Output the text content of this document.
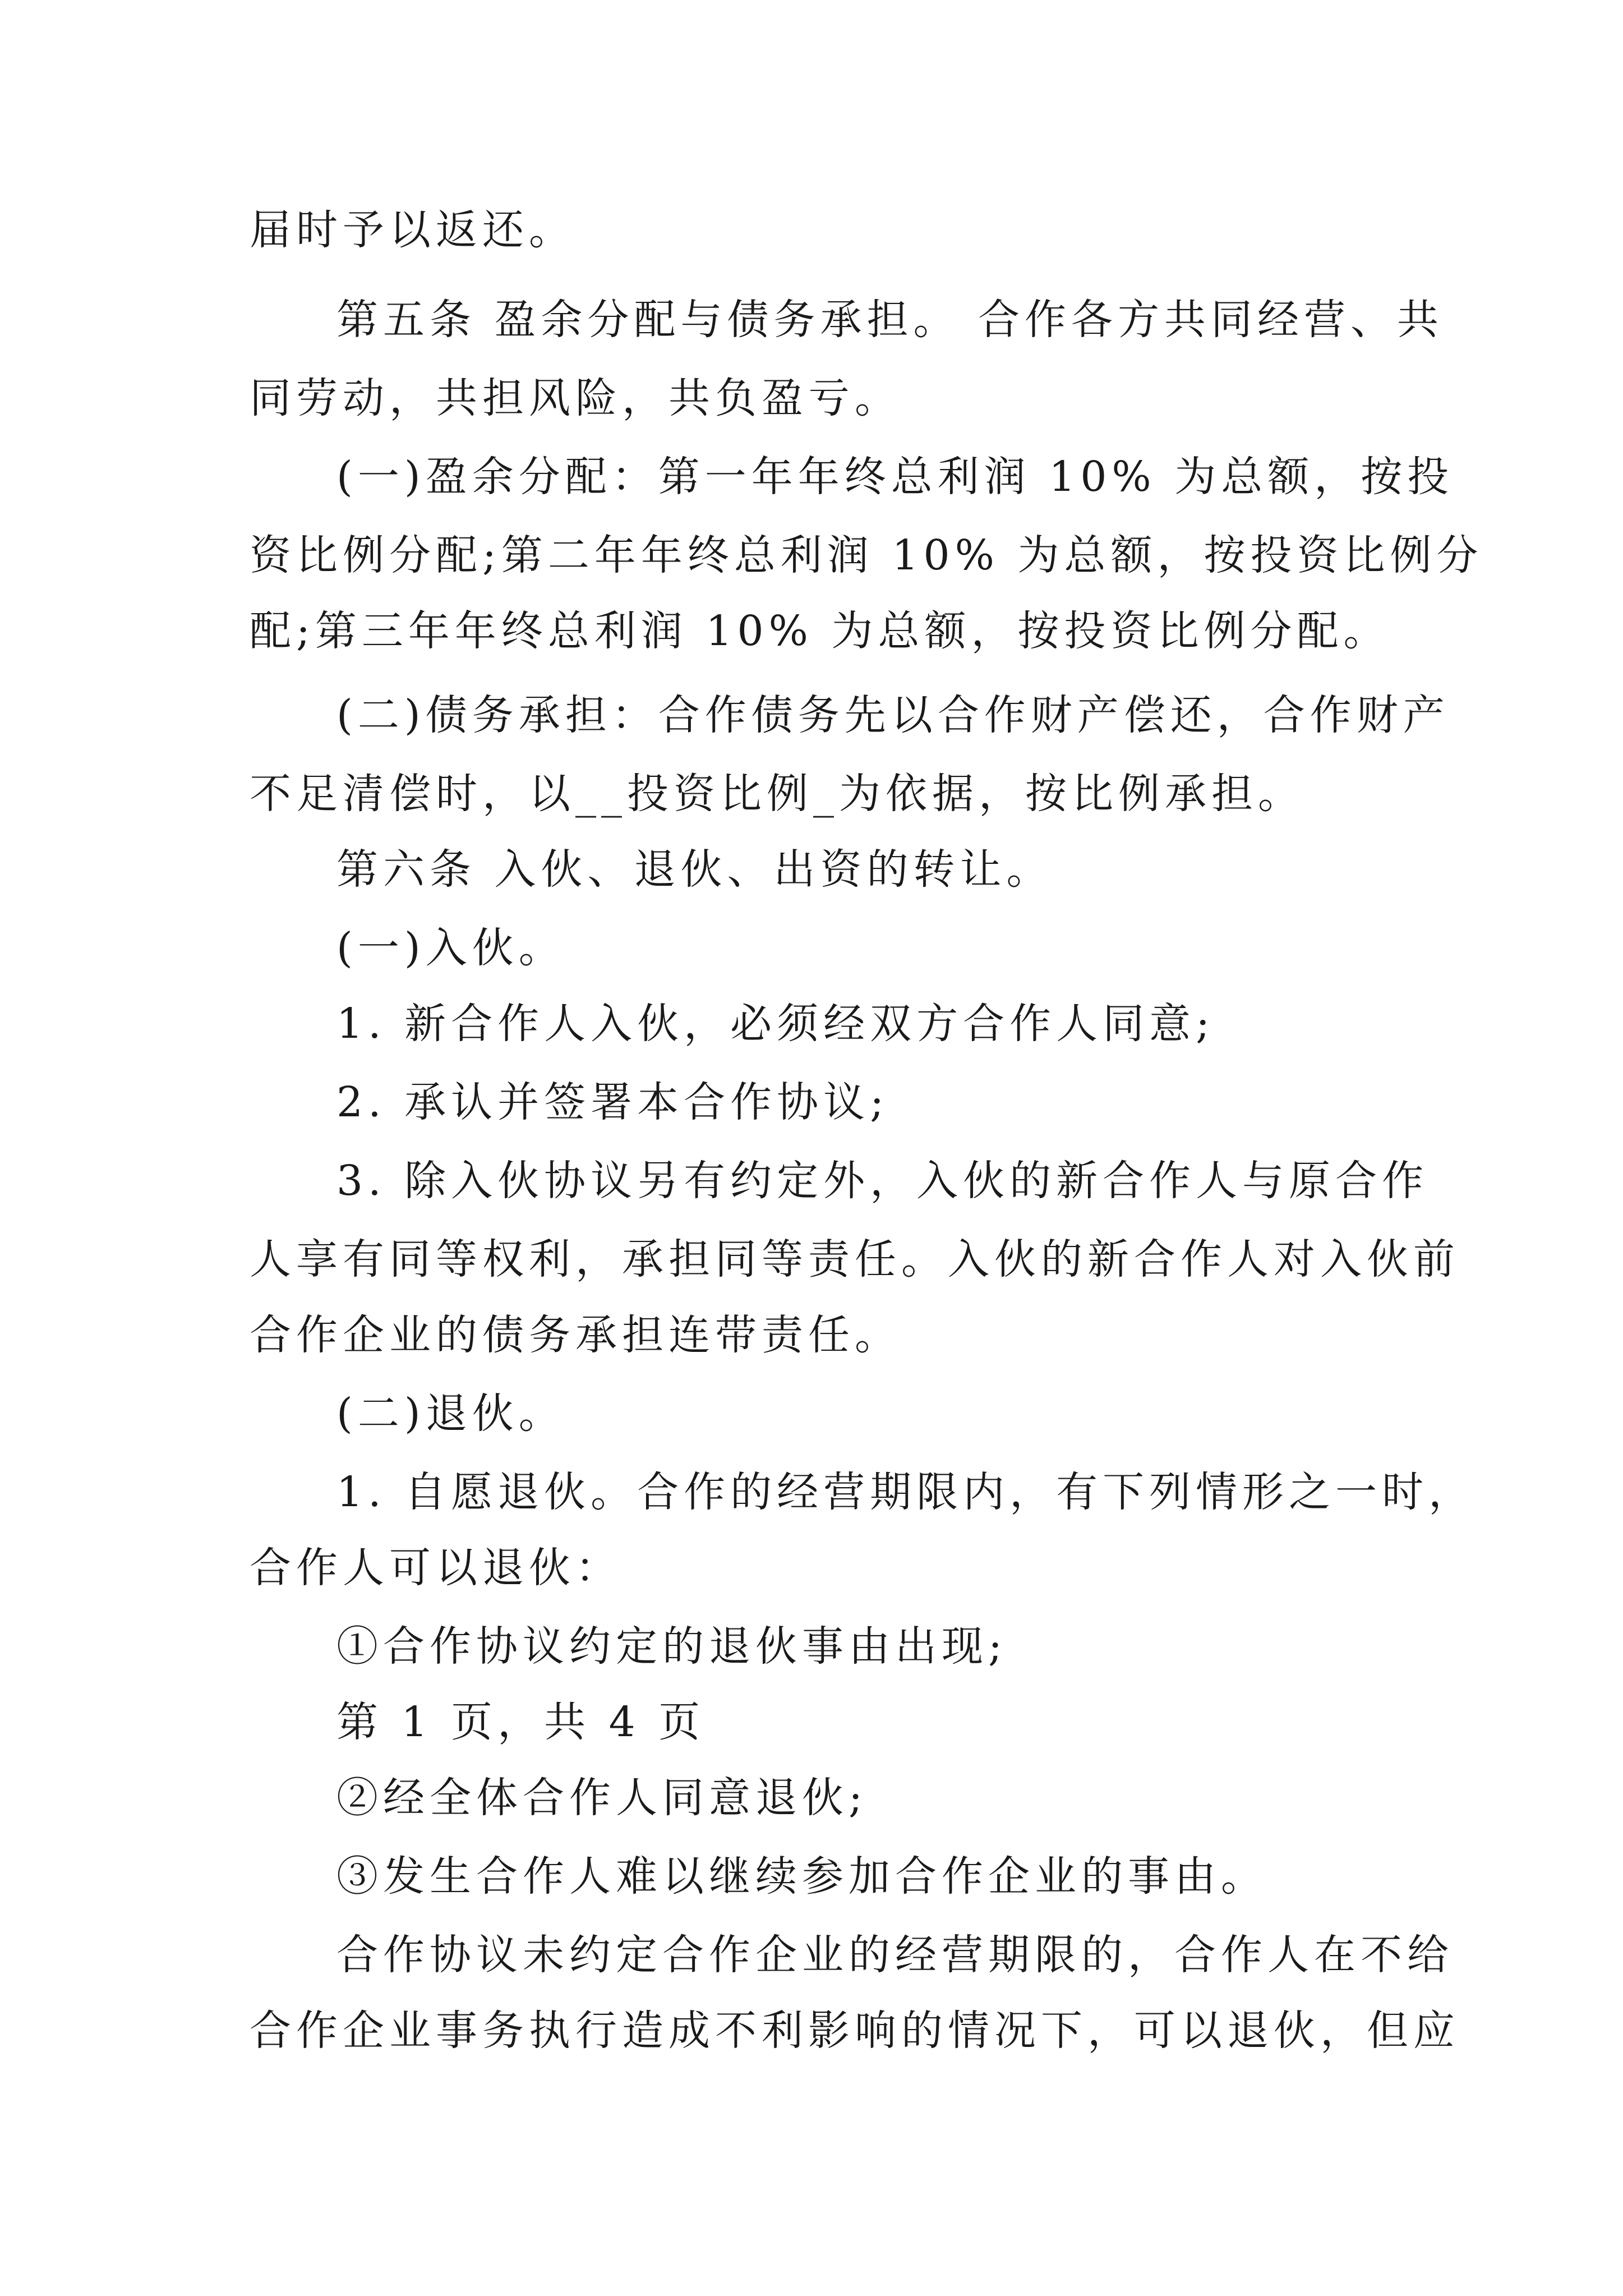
届时予以返还。
第五条 盈余分配与债务承担。 合作各方共同经营、共
同劳动，共担风险，共负盈亏。
(一)盈余分配：第一年年终总利润 10% 为总额，按投
资比例分配;第二年年终总利润 10% 为总额，按投资比例分
配;第三年年终总利润 10% 为总额，按投资比例分配。
(二)债务承担：合作债务先以合作财产偿还，合作财产
不足清偿时，以__投资比例_为依据，按比例承担。
第六条 入伙、退伙、出资的转让。
(一)入伙。
1. 新合作人入伙，必须经双方合作人同意;
2. 承认并签署本合作协议;
3. 除入伙协议另有约定外，入伙的新合作人与原合作
人享有同等权利，承担同等责任。入伙的新合作人对入伙前
合作企业的债务承担连带责任。
(二)退伙。
1. 自愿退伙。合作的经营期限内，有下列情形之一时，
合作人可以退伙：
①合作协议约定的退伙事由出现;
第 1 页，共 4 页
②经全体合作人同意退伙;
③发生合作人难以继续参加合作企业的事由。
合作协议未约定合作企业的经营期限的，合作人在不给
合作企业事务执行造成不利影响的情况下，可以退伙，但应
